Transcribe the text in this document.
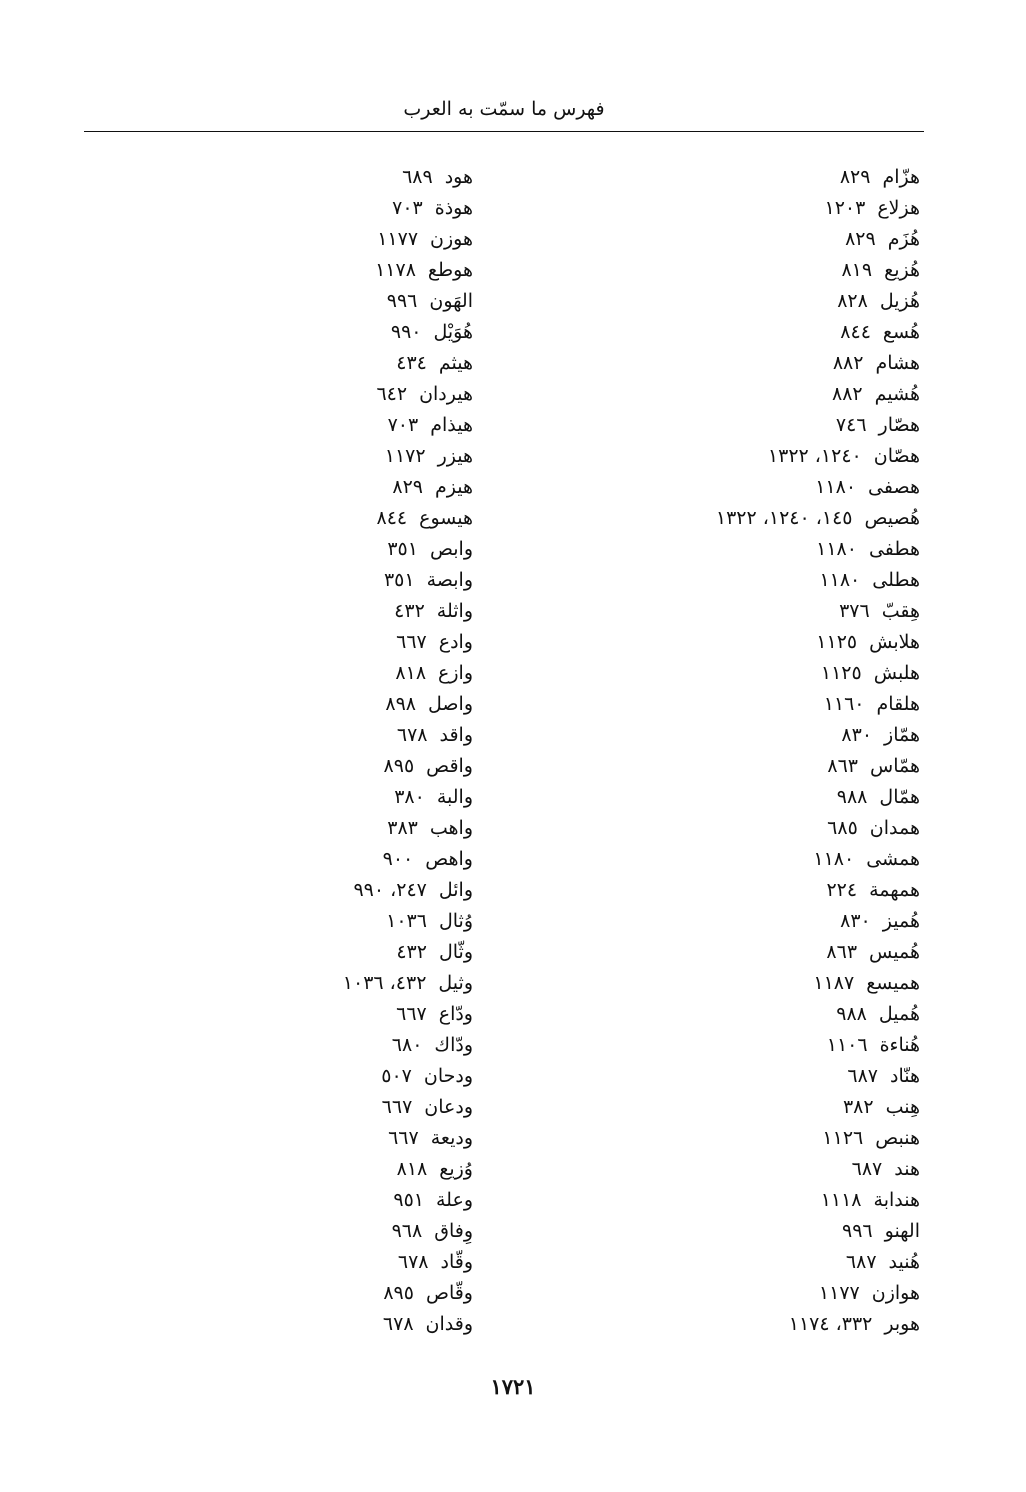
فهرس ما سمّت به العرب
هزّام٨٢٩
هزلاع١٢٠٣
هُزَم٨٢٩
هُزيع٨١٩
هُزيل٨٢٨
هُسع٨٤٤
هشام٨٨٢
هُشيم٨٨٢
هصّار٧٤٦
هصّان١٢٤٠، ١٣٢٢
هصفى١١٨٠
هُصيص١٤٥، ١٢٤٠، ١٣٢٢
هطفى١١٨٠
هطلى١١٨٠
هِقبّ٣٧٦
هلابش١١٢٥
هلبش١١٢٥
هلقام١١٦٠
همّاز٨٣٠
همّاس٨٦٣
همّال٩٨٨
همدان٦٨٥
همشى١١٨٠
همهمة٢٢٤
هُميز٨٣٠
هُميس٨٦٣
هميسع١١٨٧
هُميل٩٨٨
هُناءة١١٠٦
هنّاد٦٨٧
هِنب٣٨٢
هنبص١١٢٦
هند٦٨٧
هندابة١١١٨
الهنو٩٩٦
هُنيد٦٨٧
هوازن١١٧٧
هوبر٣٣٢، ١١٧٤
هود٦٨٩
هوذة٧٠٣
هوزن١١٧٧
هوطع١١٧٨
الهَون٩٩٦
هُوَيْل٩٩٠
هيثم٤٣٤
هيردان٦٤٢
هيذام٧٠٣
هيزر١١٧٢
هيزم٨٢٩
هيسوع٨٤٤
وابص٣٥١
وابصة٣٥١
واثلة٤٣٢
وادع٦٦٧
وازع٨١٨
واصل٨٩٨
واقد٦٧٨
واقص٨٩٥
والبة٣٨٠
واهب٣٨٣
واهص٩٠٠
وائل٢٤٧، ٩٩٠
وُثال١٠٣٦
وثّال٤٣٢
وثيل٤٣٢، ١٠٣٦
ودّاع٦٦٧
ودّاك٦٨٠
ودحان٥٠٧
ودعان٦٦٧
وديعة٦٦٧
وُزيع٨١٨
وعلة٩٥١
وِفاق٩٦٨
وقّاد٦٧٨
وقّاص٨٩٥
وقدان٦٧٨
١٧٢١
